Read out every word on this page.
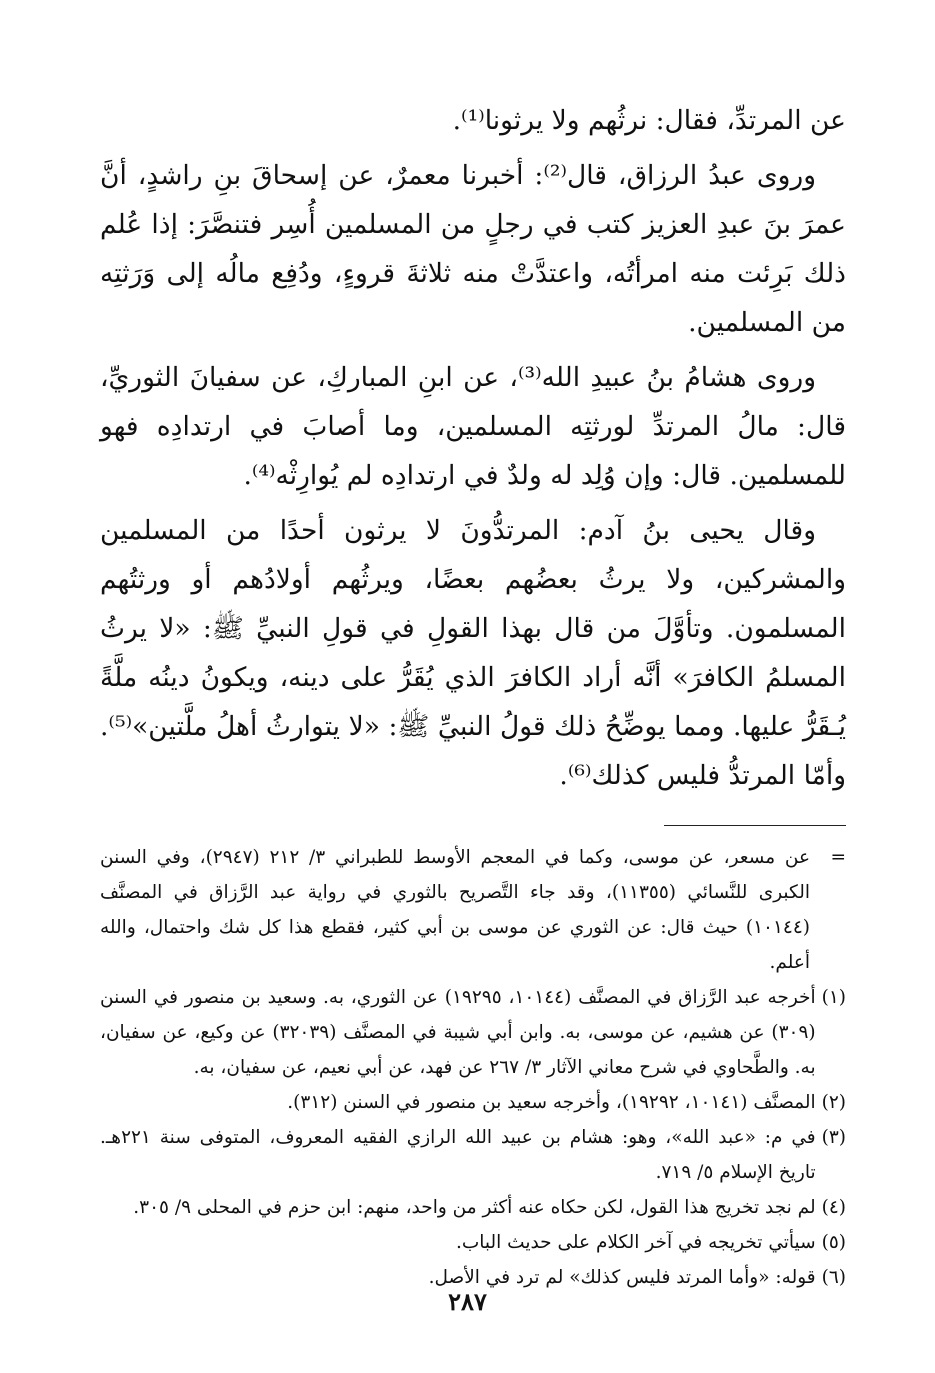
عن المرتدِّ، فقال: نرثُهم ولا يرثونا⁽¹⁾.

وروى عبدُ الرزاق، قال⁽²⁾: أخبرنا معمرٌ، عن إسحاقَ بنِ راشدٍ، أنَّ عمرَ بنَ عبدِ العزيز كتب في رجلٍ من المسلمين أُسِر فتنصَّرَ: إذا عُلم ذلك بَرِئت منه امرأتُه، واعتدَّتْ منه ثلاثةَ قروءٍ، ودُفِع مالُه إلى وَرَثتِه من المسلمين.

وروى هشامُ بنُ عبيدِ الله⁽³⁾، عن ابنِ المباركِ، عن سفيانَ الثوريِّ، قال: مالُ المرتدِّ لورثتِه المسلمين، وما أصابَ في ارتدادِه فهو للمسلمين. قال: وإن وُلِد له ولدٌ في ارتدادِه لم يُوارِثْه⁽⁴⁾.

وقال يحيى بنُ آدم: المرتدُّونَ لا يرثون أحدًا من المسلمين والمشركين، ولا يرثُ بعضُهم بعضًا، ويرثُهم أولادُهم أو ورثتُهم المسلمون. وتأوَّلَ من قال بهذا القولِ في قولِ النبيِّ ﷺ: «لا يرثُ المسلمُ الكافرَ» أنَّه أراد الكافرَ الذي يُقَرُّ على دينه، ويكونُ دينُه ملَّةً يُـقَرُّ عليها. ومما يوضِّحُ ذلك قولُ النبيِّ ﷺ: «لا يتوارثُ أهلُ ملَّتين»⁽⁵⁾. وأمّا المرتدُّ فليس كذلك⁽⁶⁾.

=
عن مسعر، عن موسى، وكما في المعجم الأوسط للطبراني ٣/ ٢١٢ (٢٩٤٧)، وفي السنن الكبرى للنَّسائي (١١٣٥٥)، وقد جاء التَّصريح بالثوري في رواية عبد الرَّزاق في المصنَّف (١٠١٤٤) حيث قال: عن الثوري عن موسى بن أبي كثير، فقطع هذا كل شك واحتمال، والله أعلم.
(١)
أخرجه عبد الرَّزاق في المصنَّف (١٠١٤٤، ١٩٢٩٥) عن الثوري، به. وسعيد بن منصور في السنن (٣٠٩) عن هشيم، عن موسى، به. وابن أبي شيبة في المصنَّف (٣٢٠٣٩) عن وكيع، عن سفيان، به. والطَّحاوي في شرح معاني الآثار ٣/ ٢٦٧ عن فهد، عن أبي نعيم، عن سفيان، به.
(٢)
المصنَّف (١٠١٤١، ١٩٢٩٢)، وأخرجه سعيد بن منصور في السنن (٣١٢).
(٣)
في م: «عبد الله»، وهو: هشام بن عبيد الله الرازي الفقيه المعروف، المتوفى سنة ٢٢١هـ. تاريخ الإسلام ٥/ ٧١٩.
(٤)
لم نجد تخريج هذا القول، لكن حكاه عنه أكثر من واحد، منهم: ابن حزم في المحلى ٩/ ٣٠٥.
(٥)
سيأتي تخريجه في آخر الكلام على حديث الباب.
(٦)
قوله: «وأما المرتد فليس كذلك» لم ترد في الأصل.
٢٨٧
